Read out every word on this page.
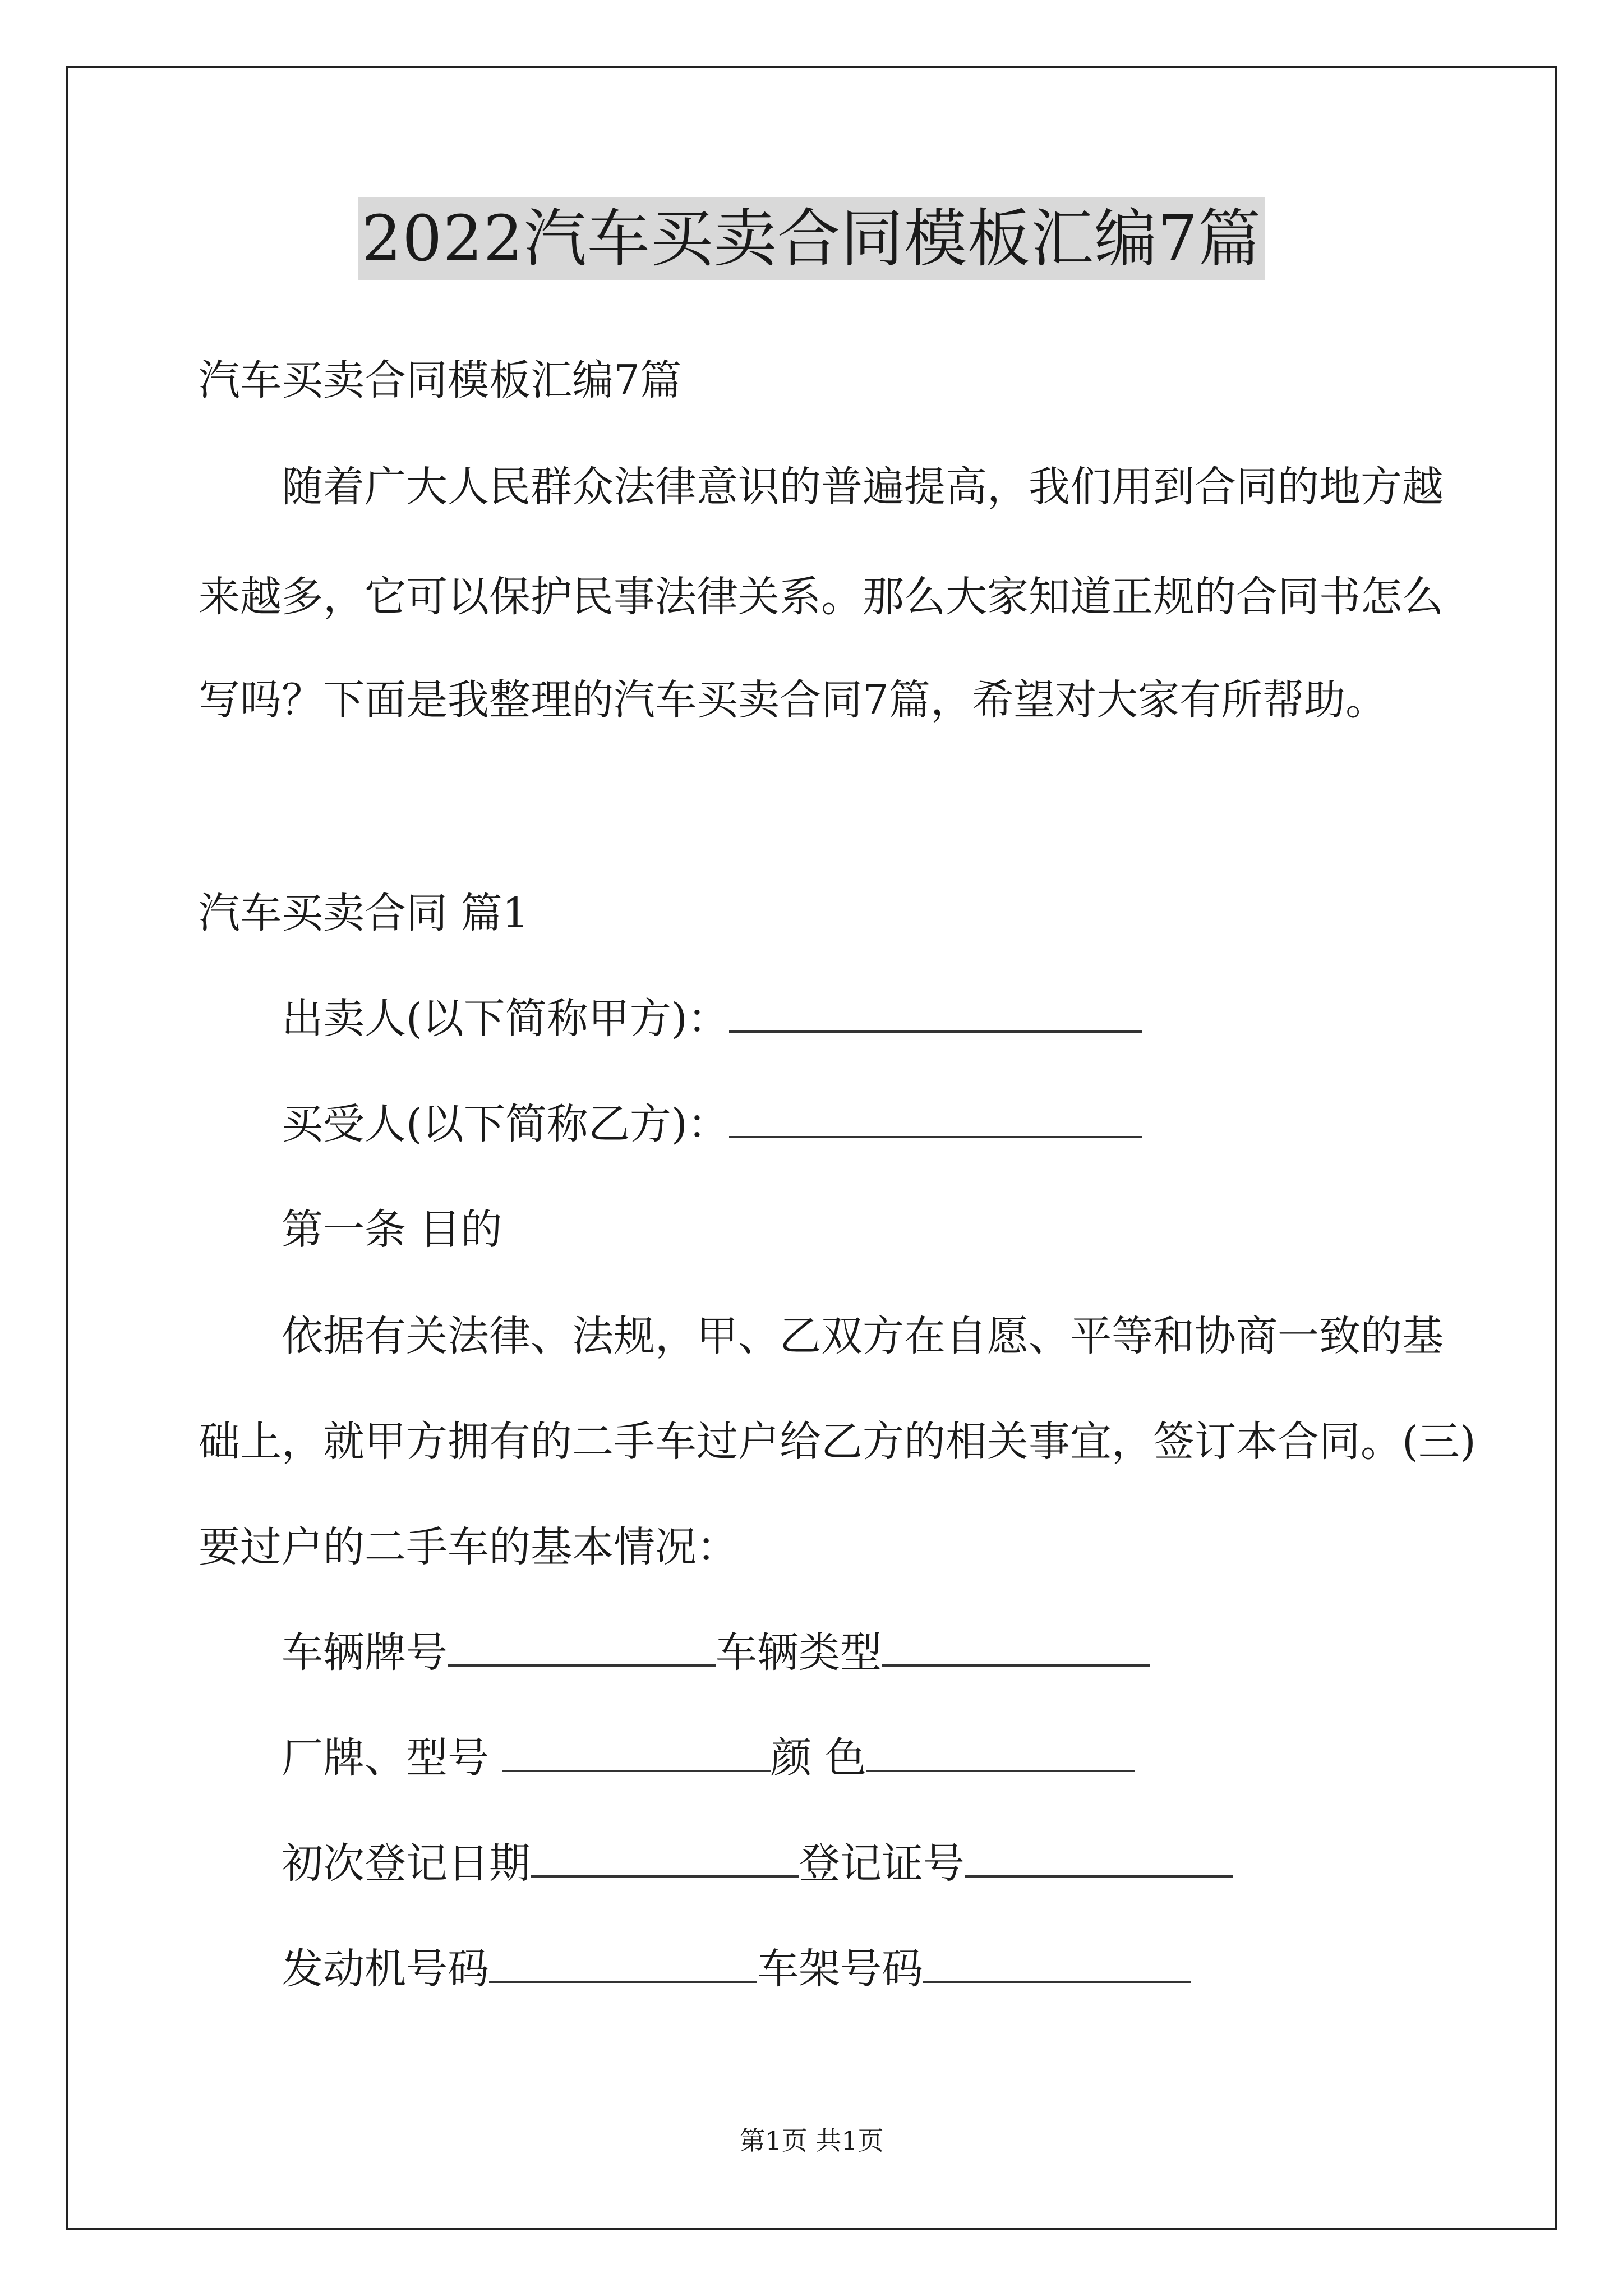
2022汽车买卖合同模板汇编7篇
汽车买卖合同模板汇编7篇
随着广大人民群众法律意识的普遍提高，我们用到合同的地方越
来越多，它可以保护民事法律关系。那么大家知道正规的合同书怎么
写吗？下面是我整理的汽车买卖合同7篇，希望对大家有所帮助。
汽车买卖合同 篇1
出卖人(以下简称甲方)：
买受人(以下简称乙方)：
第一条 目的
依据有关法律、法规，甲、乙双方在自愿、平等和协商一致的基
础上，就甲方拥有的二手车过户给乙方的相关事宜，签订本合同。(三)
要过户的二手车的基本情况：
车辆牌号	车辆类型
厂牌、型号	颜 色
初次登记日期	登记证号
发动机号码	车架号码
第1页 共1页
